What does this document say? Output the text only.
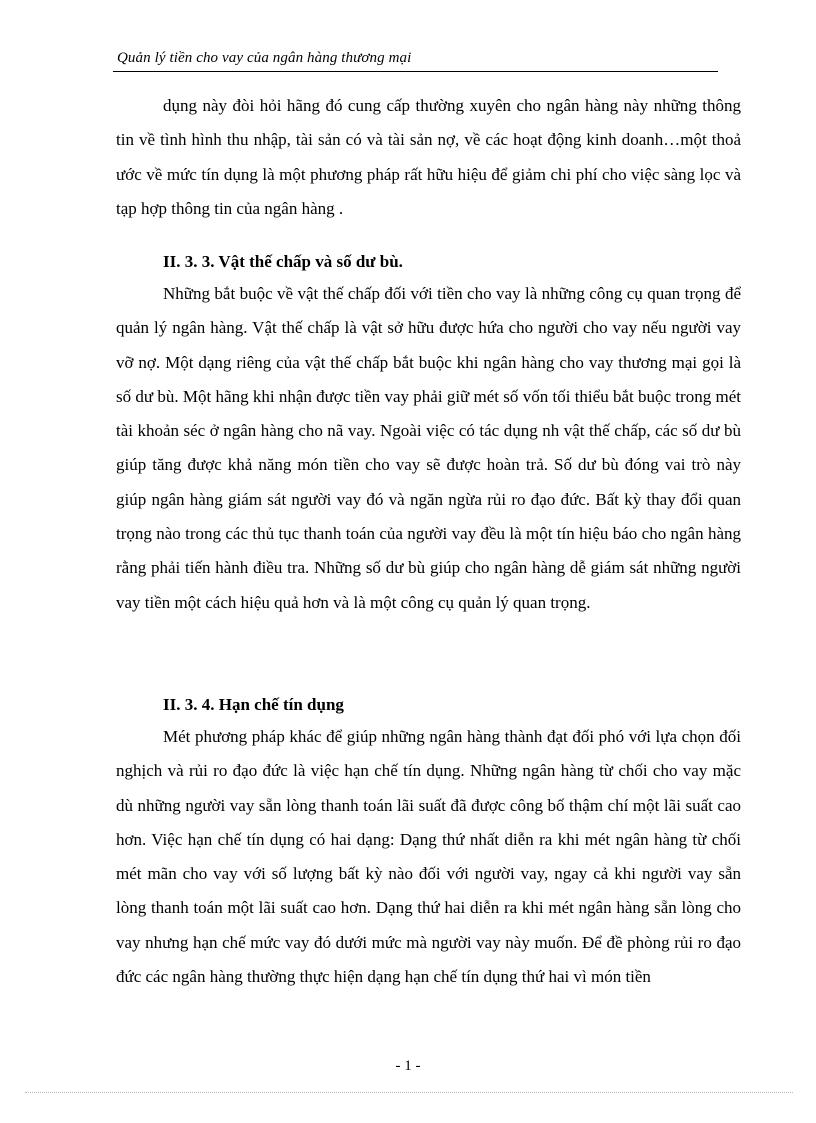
Quản lý tiền cho vay của ngân hàng thương mại

dụng này đòi hỏi hãng đó cung cấp thường xuyên cho ngân hàng này những thông tin về tình hình thu nhập, tài sản có và tài sản nợ, về các hoạt động kinh doanh…một thoả ước về mức tín dụng là một phương pháp rất hữu hiệu để giảm chi phí cho việc sàng lọc và tạp hợp thông tin của ngân hàng .

II. 3. 3. Vật thế chấp và số dư bù.

Những bắt buộc về vật thế chấp đối với tiền cho vay là những công cụ quan trọng để quản lý ngân hàng. Vật thế chấp là vật sở hữu được hứa cho người cho vay nếu người vay vỡ nợ. Một dạng riêng của vật thế chấp bắt buộc khi ngân hàng cho vay thương mại gọi là số dư bù. Một hãng khi nhận được tiền vay phải giữ mét số vốn tối thiểu bắt buộc trong mét tài khoản séc ở ngân hàng cho nã vay. Ngoài việc có tác dụng nh vật thế chấp, các số dư bù giúp tăng được khả năng món tiền cho vay sẽ được hoàn trả. Số dư bù đóng vai trò này giúp ngân hàng giám sát người vay đó và ngăn ngừa rủi ro đạo đức. Bất kỳ thay đổi quan trọng nào trong các thủ tục thanh toán của người vay đều là một tín hiệu báo cho ngân hàng rằng phải tiến hành điều tra. Những số dư bù giúp cho ngân hàng dễ giám sát những người vay tiền một cách hiệu quả hơn và là một công cụ quản lý quan trọng.

II. 3. 4. Hạn chế tín dụng

Mét phương pháp khác để giúp những ngân hàng thành đạt đối phó với lựa chọn đối nghịch và rủi ro đạo đức là việc hạn chế tín dụng. Những ngân hàng từ chối cho vay mặc dù những người vay sẵn lòng thanh toán lãi suất đã được công bố thậm chí một lãi suất cao hơn. Việc hạn chế tín dụng có hai dạng: Dạng thứ nhất diễn ra khi mét ngân hàng từ chối mét mãn cho vay với số lượng bất kỳ nào đối với người vay, ngay cả khi người vay sẵn lòng thanh toán một lãi suất cao hơn. Dạng thứ hai diễn ra khi mét ngân hàng sẵn lòng cho vay nhưng hạn chế mức vay đó dưới mức mà người vay này muốn. Để đề phòng rủi ro đạo đức các ngân hàng thường thực hiện dạng hạn chế tín dụng thứ hai vì món tiền

- 1 -
